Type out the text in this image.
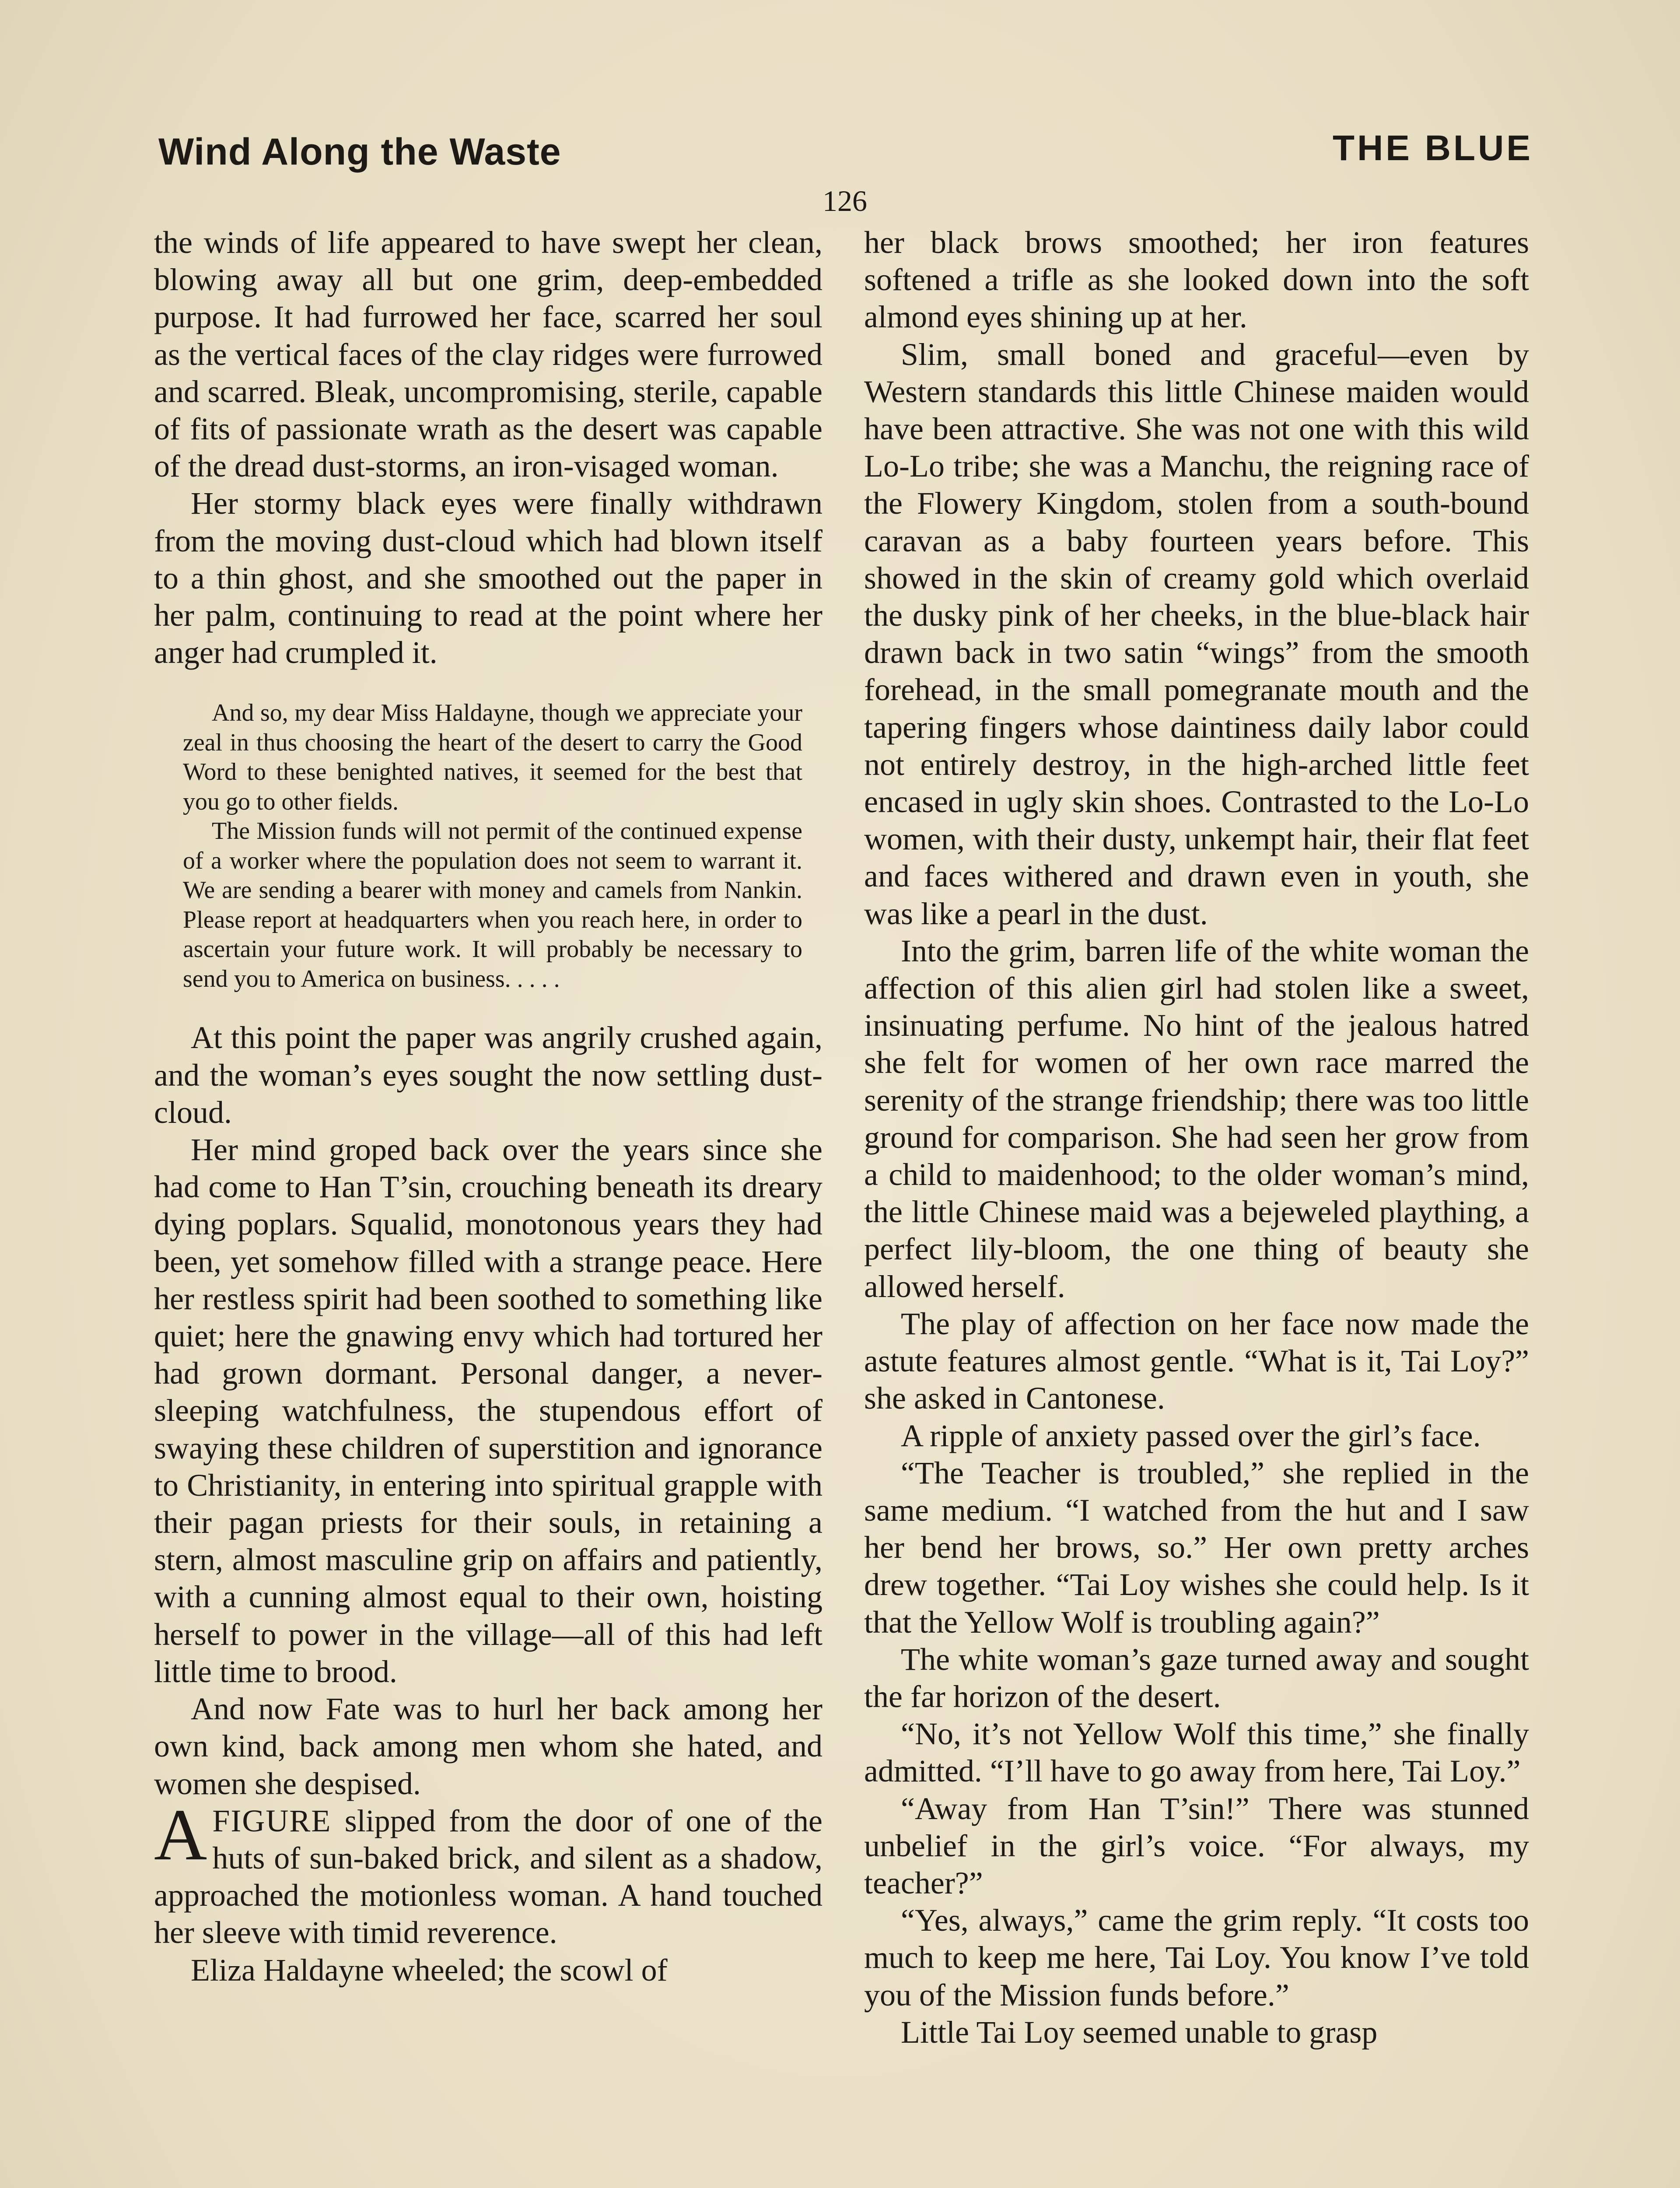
Wind Along the Waste	THE BLUE
126

the winds of life appeared to have swept her clean, blowing away all but one grim, deep-embedded purpose. It had furrowed her face, scarred her soul as the vertical faces of the clay ridges were furrowed and scarred. Bleak, uncompromising, sterile, capable of fits of passionate wrath as the desert was capable of the dread dust-storms, an iron-visaged woman.

Her stormy black eyes were finally withdrawn from the moving dust-cloud which had blown itself to a thin ghost, and she smoothed out the paper in her palm, continuing to read at the point where her anger had crumpled it.

And so, my dear Miss Haldayne, though we appreciate your zeal in thus choosing the heart of the desert to carry the Good Word to these benighted natives, it seemed for the best that you go to other fields.

The Mission funds will not permit of the continued expense of a worker where the population does not seem to warrant it. We are sending a bearer with money and camels from Nankin. Please report at headquarters when you reach here, in order to ascertain your future work. It will probably be necessary to send you to America on business. . . . .

At this point the paper was angrily crushed again, and the woman’s eyes sought the now settling dust-cloud.

Her mind groped back over the years since she had come to Han T’sin, crouching beneath its dreary dying poplars. Squalid, monotonous years they had been, yet somehow filled with a strange peace. Here her restless spirit had been soothed to something like quiet; here the gnawing envy which had tortured her had grown dormant. Personal danger, a never-sleeping watchfulness, the stupendous effort of swaying these children of superstition and ignorance to Christianity, in entering into spiritual grapple with their pagan priests for their souls, in retaining a stern, almost masculine grip on affairs and patiently, with a cunning almost equal to their own, hoisting herself to power in the village—all of this had left little time to brood.

And now Fate was to hurl her back among her own kind, back among men whom she hated, and women she despised.

AFIGURE slipped from the door of one of the huts of sun-baked brick, and silent as a shadow, approached the motionless woman. A hand touched her sleeve with timid reverence.

Eliza Haldayne wheeled; the scowl of

her black brows smoothed; her iron features softened a trifle as she looked down into the soft almond eyes shining up at her.

Slim, small boned and graceful—even by Western standards this little Chinese maiden would have been attractive. She was not one with this wild Lo-Lo tribe; she was a Manchu, the reigning race of the Flowery Kingdom, stolen from a south-bound caravan as a baby fourteen years before. This showed in the skin of creamy gold which overlaid the dusky pink of her cheeks, in the blue-black hair drawn back in two satin “wings” from the smooth forehead, in the small pomegranate mouth and the tapering fingers whose daintiness daily labor could not entirely destroy, in the high-arched little feet encased in ugly skin shoes. Contrasted to the Lo-Lo women, with their dusty, unkempt hair, their flat feet and faces withered and drawn even in youth, she was like a pearl in the dust.

Into the grim, barren life of the white woman the affection of this alien girl had stolen like a sweet, insinuating perfume. No hint of the jealous hatred she felt for women of her own race marred the serenity of the strange friendship; there was too little ground for comparison. She had seen her grow from a child to maidenhood; to the older woman’s mind, the little Chinese maid was a bejeweled plaything, a perfect lily-bloom, the one thing of beauty she allowed herself.

The play of affection on her face now made the astute features almost gentle. “What is it, Tai Loy?” she asked in Cantonese.

A ripple of anxiety passed over the girl’s face.

“The Teacher is troubled,” she replied in the same medium. “I watched from the hut and I saw her bend her brows, so.” Her own pretty arches drew together. “Tai Loy wishes she could help. Is it that the Yellow Wolf is troubling again?”

The white woman’s gaze turned away and sought the far horizon of the desert.

“No, it’s not Yellow Wolf this time,” she finally admitted. “I’ll have to go away from here, Tai Loy.”

“Away from Han T’sin!” There was stunned unbelief in the girl’s voice. “For always, my teacher?”

“Yes, always,” came the grim reply. “It costs too much to keep me here, Tai Loy. You know I’ve told you of the Mission funds before.”

Little Tai Loy seemed unable to grasp
